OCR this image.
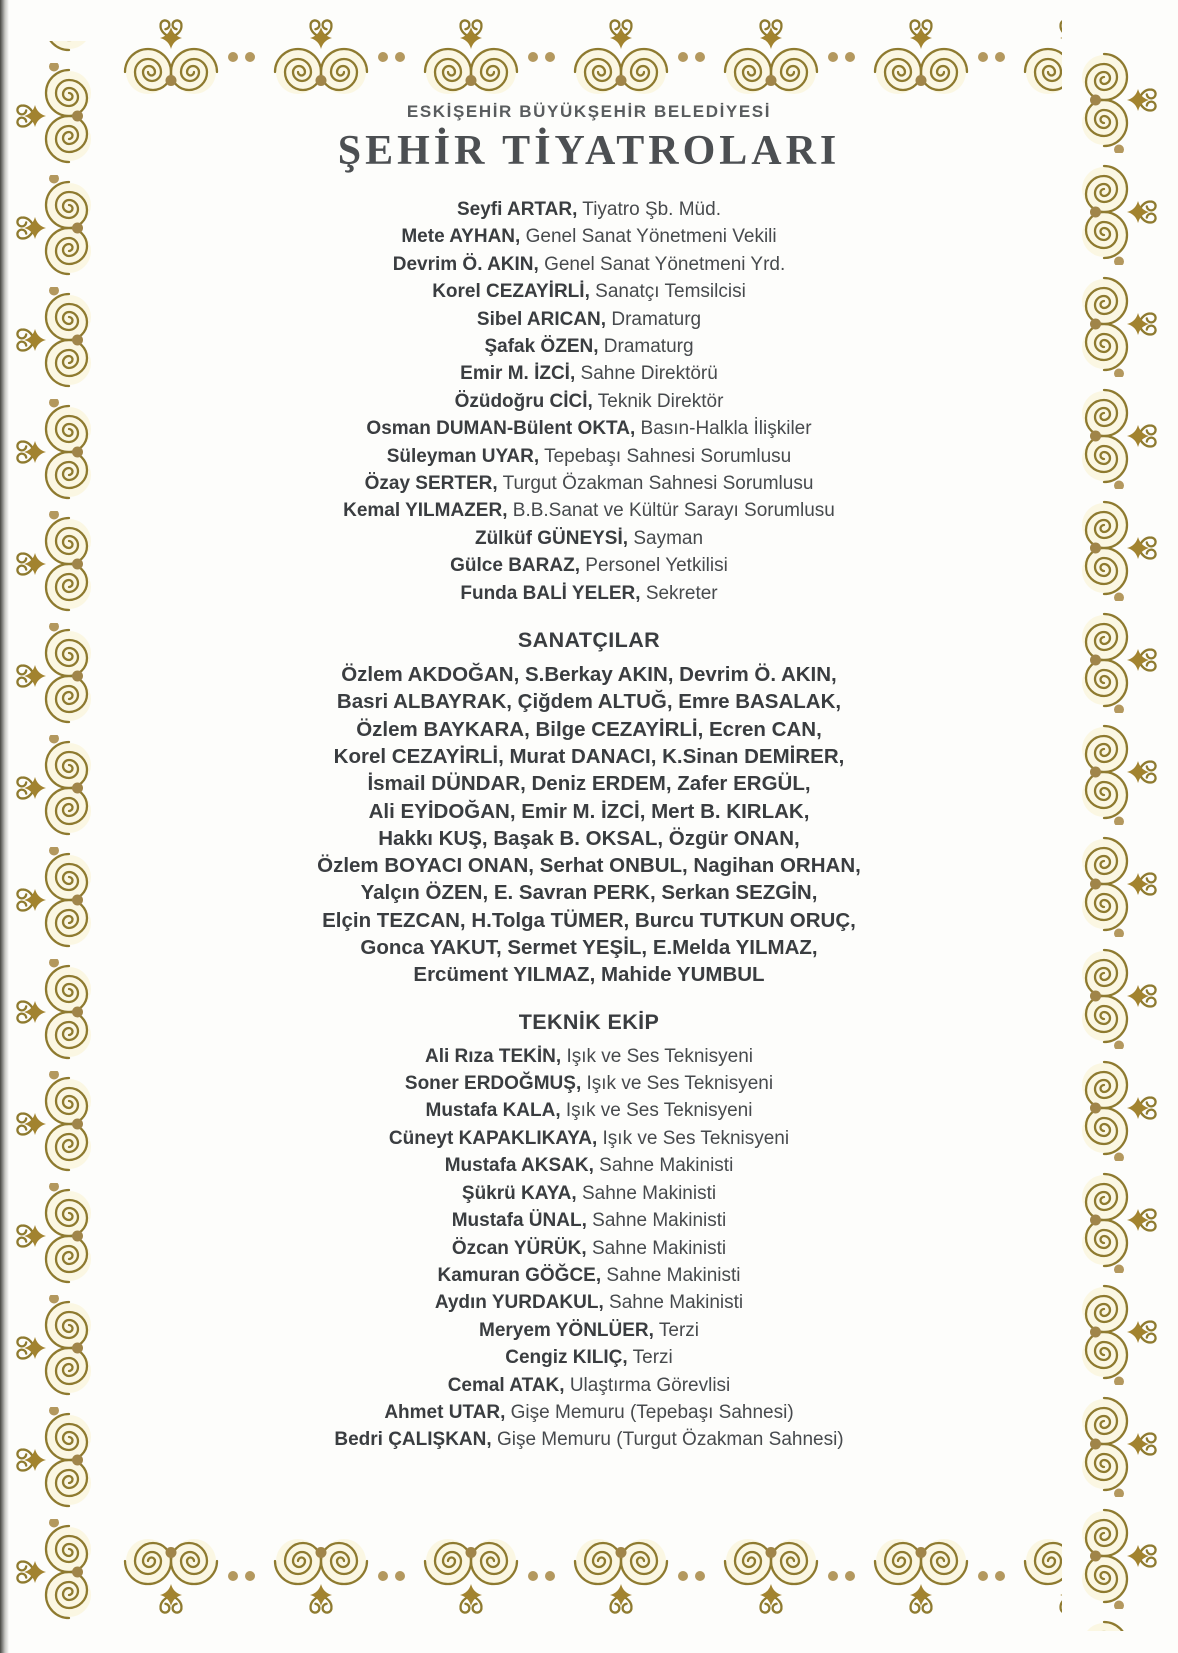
ESKİŞEHİR BÜYÜKŞEHİR BELEDİYESİ
ŞEHİR TİYATROLARI
Seyfi ARTAR, Tiyatro Şb. Müd.
Mete AYHAN, Genel Sanat Yönetmeni Vekili
Devrim Ö. AKIN, Genel Sanat Yönetmeni Yrd.
Korel CEZAYİRLİ, Sanatçı Temsilcisi
Sibel ARICAN, Dramaturg
Şafak ÖZEN, Dramaturg
Emir M. İZCİ, Sahne Direktörü
Özüdoğru CİCİ, Teknik Direktör
Osman DUMAN-Bülent OKTA, Basın-Halkla İlişkiler
Süleyman UYAR, Tepebaşı Sahnesi Sorumlusu
Özay SERTER, Turgut Özakman Sahnesi Sorumlusu
Kemal YILMAZER, B.B.Sanat ve Kültür Sarayı Sorumlusu
Zülküf GÜNEYSİ, Sayman
Gülce BARAZ, Personel Yetkilisi
Funda BALİ YELER, Sekreter
SANATÇILAR
Özlem AKDOĞAN, S.Berkay AKIN, Devrim Ö. AKIN,
Basri ALBAYRAK, Çiğdem ALTUĞ, Emre BASALAK,
Özlem BAYKARA, Bilge CEZAYİRLİ, Ecren CAN,
Korel CEZAYİRLİ, Murat DANACI, K.Sinan DEMİRER,
İsmail DÜNDAR, Deniz ERDEM, Zafer ERGÜL,
Ali EYİDOĞAN, Emir M. İZCİ, Mert B. KIRLAK,
Hakkı KUŞ, Başak B. OKSAL, Özgür ONAN,
Özlem BOYACI ONAN, Serhat ONBUL, Nagihan ORHAN,
Yalçın ÖZEN, E. Savran PERK, Serkan SEZGİN,
Elçin TEZCAN, H.Tolga TÜMER, Burcu TUTKUN ORUÇ,
Gonca YAKUT, Sermet YEŞİL, E.Melda YILMAZ,
Ercüment YILMAZ, Mahide YUMBUL
TEKNİK EKİP
Ali Rıza TEKİN, Işık ve Ses Teknisyeni
Soner ERDOĞMUŞ, Işık ve Ses Teknisyeni
Mustafa KALA, Işık ve Ses Teknisyeni
Cüneyt KAPAKLIKAYA, Işık ve Ses Teknisyeni
Mustafa AKSAK, Sahne Makinisti
Şükrü KAYA, Sahne Makinisti
Mustafa ÜNAL, Sahne Makinisti
Özcan YÜRÜK, Sahne Makinisti
Kamuran GÖĞCE, Sahne Makinisti
Aydın YURDAKUL, Sahne Makinisti
Meryem YÖNLÜER, Terzi
Cengiz KILIÇ, Terzi
Cemal ATAK, Ulaştırma Görevlisi
Ahmet UTAR, Gişe Memuru (Tepebaşı Sahnesi)
Bedri ÇALIŞKAN, Gişe Memuru (Turgut Özakman Sahnesi)
